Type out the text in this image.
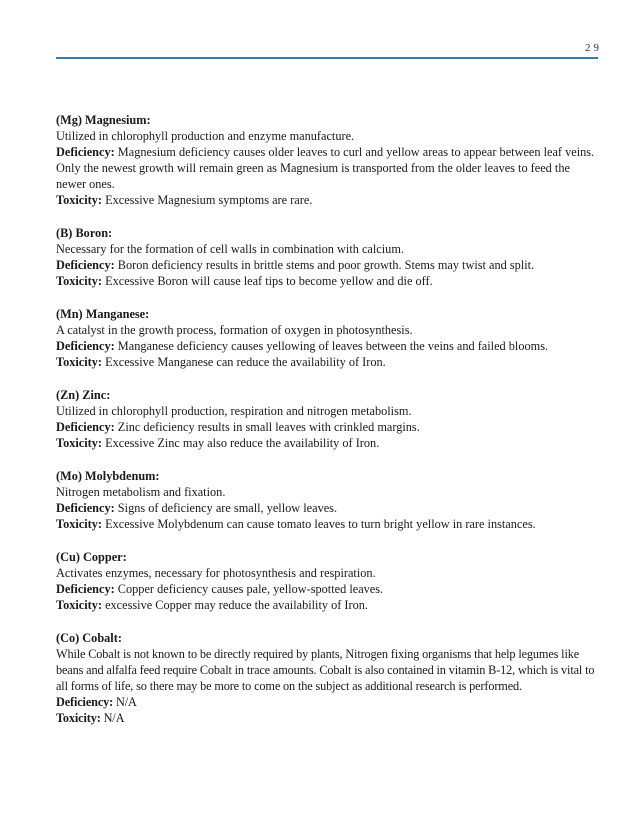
29

(Mg) Magnesium:

Utilized in chlorophyll production and enzyme manufacture.

Deficiency: Magnesium deficiency causes older leaves to curl and yellow areas to appear between leaf veins. Only the newest growth will remain green as Magnesium is transported from the older leaves to feed the newer ones.

Toxicity: Excessive Magnesium symptoms are rare.

(B) Boron:

Necessary for the formation of cell walls in combination with calcium.

Deficiency: Boron deficiency results in brittle stems and poor growth. Stems may twist and split.

Toxicity: Excessive Boron will cause leaf tips to become yellow and die off.

(Mn) Manganese:

A catalyst in the growth process, formation of oxygen in photosynthesis.

Deficiency: Manganese deficiency causes yellowing of leaves between the veins and failed blooms.

Toxicity: Excessive Manganese can reduce the availability of Iron.

(Zn) Zinc:

Utilized in chlorophyll production, respiration and nitrogen metabolism.

Deficiency: Zinc deficiency results in small leaves with crinkled margins.

Toxicity: Excessive Zinc may also reduce the availability of Iron.

(Mo) Molybdenum:

Nitrogen metabolism and fixation.

Deficiency: Signs of deficiency are small, yellow leaves.

Toxicity: Excessive Molybdenum can cause tomato leaves to turn bright yellow in rare instances.

(Cu) Copper:

Activates enzymes, necessary for photosynthesis and respiration.

Deficiency: Copper deficiency causes pale, yellow-spotted leaves.

Toxicity: excessive Copper may reduce the availability of Iron.

(Co) Cobalt:

While Cobalt is not known to be directly required by plants, Nitrogen fixing organisms that help legumes like beans and alfalfa feed require Cobalt in trace amounts. Cobalt is also contained in vitamin B-12, which is vital to all forms of life, so there may be more to come on the subject as additional research is performed.

Deficiency: N/A

Toxicity: N/A
